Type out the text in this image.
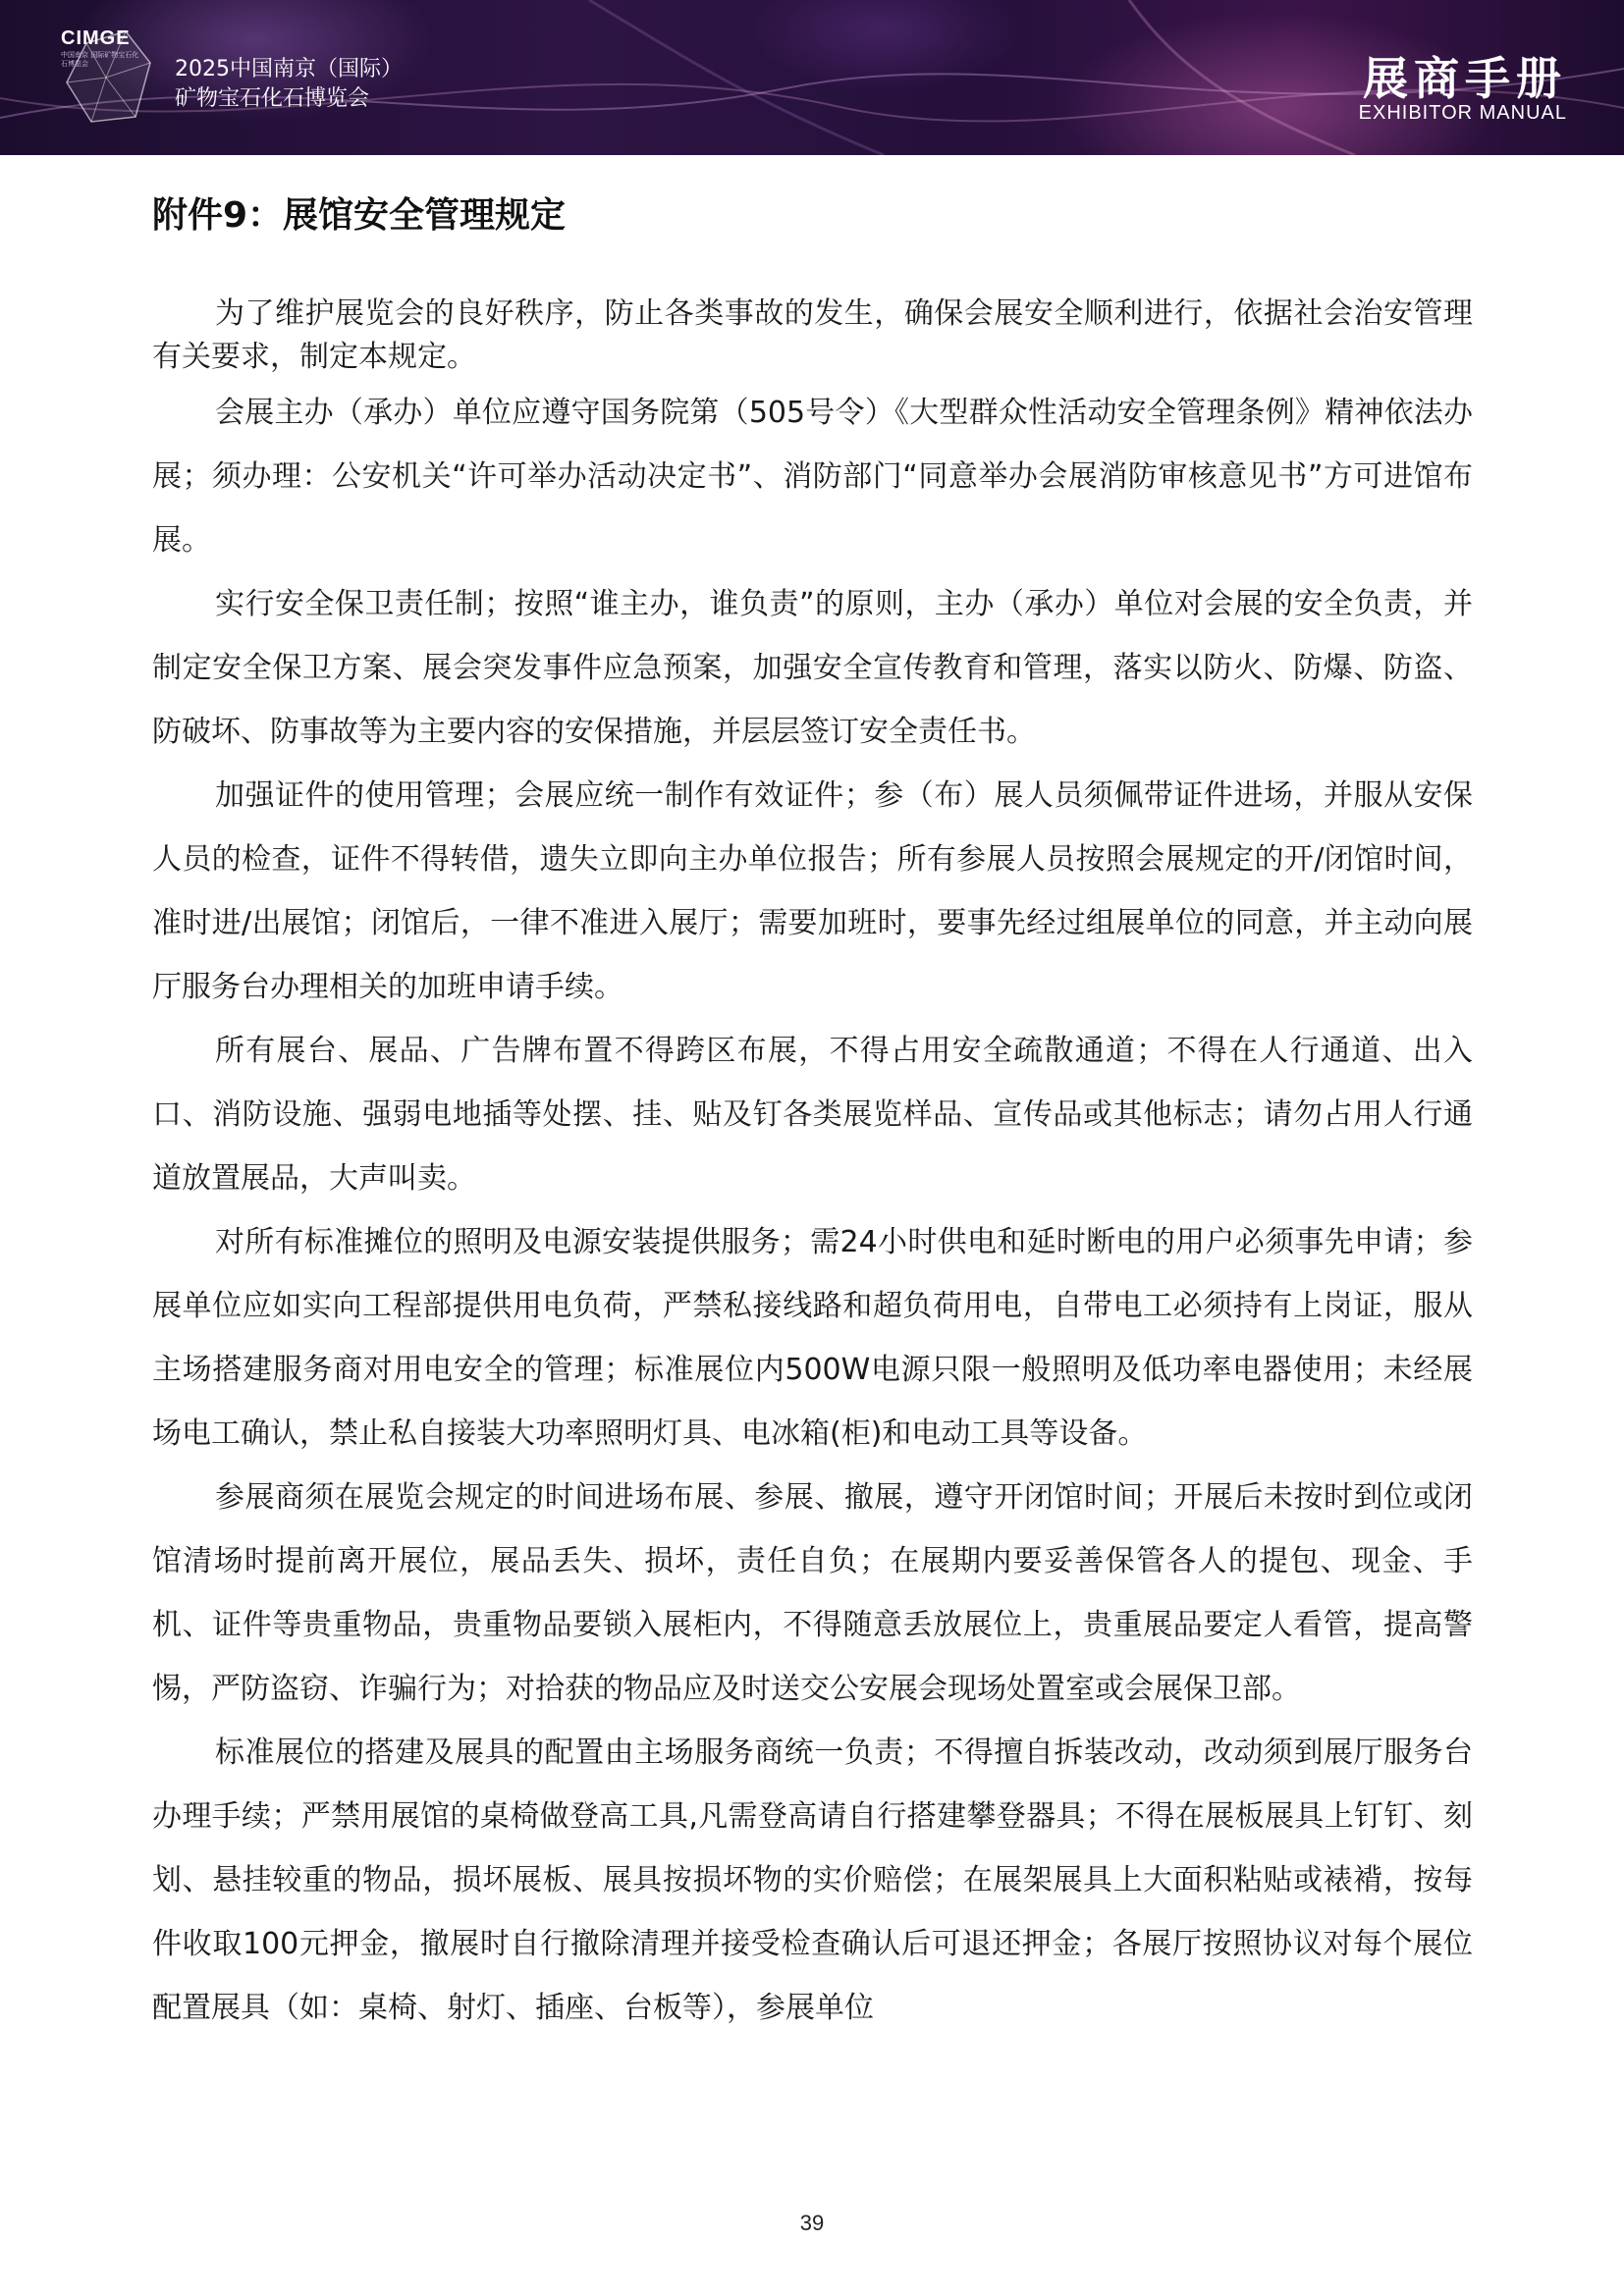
CIMGE
中国南京 国际矿物宝石化石博览会	2025中国南京（国际）
矿物宝石化石博览会	展商手册
EXHIBITOR MANUAL
附件9：展馆安全管理规定

为了维护展览会的良好秩序，防止各类事故的发生，确保会展安全顺利进行，依据社会治安管理有关要求，制定本规定。

会展主办（承办）单位应遵守国务院第（505号令）《大型群众性活动安全管理条例》精神依法办展；须办理：公安机关“许可举办活动决定书”、消防部门“同意举办会展消防审核意见书”方可进馆布展。

实行安全保卫责任制；按照“谁主办，谁负责”的原则，主办（承办）单位对会展的安全负责，并制定安全保卫方案、展会突发事件应急预案，加强安全宣传教育和管理，落实以防火、防爆、防盗、防破坏、防事故等为主要内容的安保措施，并层层签订安全责任书。

加强证件的使用管理；会展应统一制作有效证件；参（布）展人员须佩带证件进场，并服从安保人员的检查，证件不得转借，遗失立即向主办单位报告；所有参展人员按照会展规定的开/闭馆时间，准时进/出展馆；闭馆后，一律不准进入展厅；需要加班时，要事先经过组展单位的同意，并主动向展厅服务台办理相关的加班申请手续。

所有展台、展品、广告牌布置不得跨区布展，不得占用安全疏散通道；不得在人行通道、出入口、消防设施、强弱电地插等处摆、挂、贴及钉各类展览样品、宣传品或其他标志；请勿占用人行通道放置展品，大声叫卖。

对所有标准摊位的照明及电源安装提供服务；需24小时供电和延时断电的用户必须事先申请；参展单位应如实向工程部提供用电负荷，严禁私接线路和超负荷用电，自带电工必须持有上岗证，服从主场搭建服务商对用电安全的管理；标准展位内500W电源只限一般照明及低功率电器使用；未经展场电工确认，禁止私自接装大功率照明灯具、电冰箱(柜)和电动工具等设备。

参展商须在展览会规定的时间进场布展、参展、撤展，遵守开闭馆时间；开展后未按时到位或闭馆清场时提前离开展位，展品丢失、损坏，责任自负；在展期内要妥善保管各人的提包、现金、手机、证件等贵重物品，贵重物品要锁入展柜内，不得随意丢放展位上，贵重展品要定人看管，提高警惕，严防盗窃、诈骗行为；对拾获的物品应及时送交公安展会现场处置室或会展保卫部。

标准展位的搭建及展具的配置由主场服务商统一负责；不得擅自拆装改动，改动须到展厅服务台办理手续；严禁用展馆的桌椅做登高工具,凡需登高请自行搭建攀登器具；不得在展板展具上钉钉、刻划、悬挂较重的物品，损坏展板、展具按损坏物的实价赔偿；在展架展具上大面积粘贴或裱褙，按每件收取100元押金，撤展时自行撤除清理并接受检查确认后可退还押金；各展厅按照协议对每个展位配置展具（如：桌椅、射灯、插座、台板等），参展单位

39
